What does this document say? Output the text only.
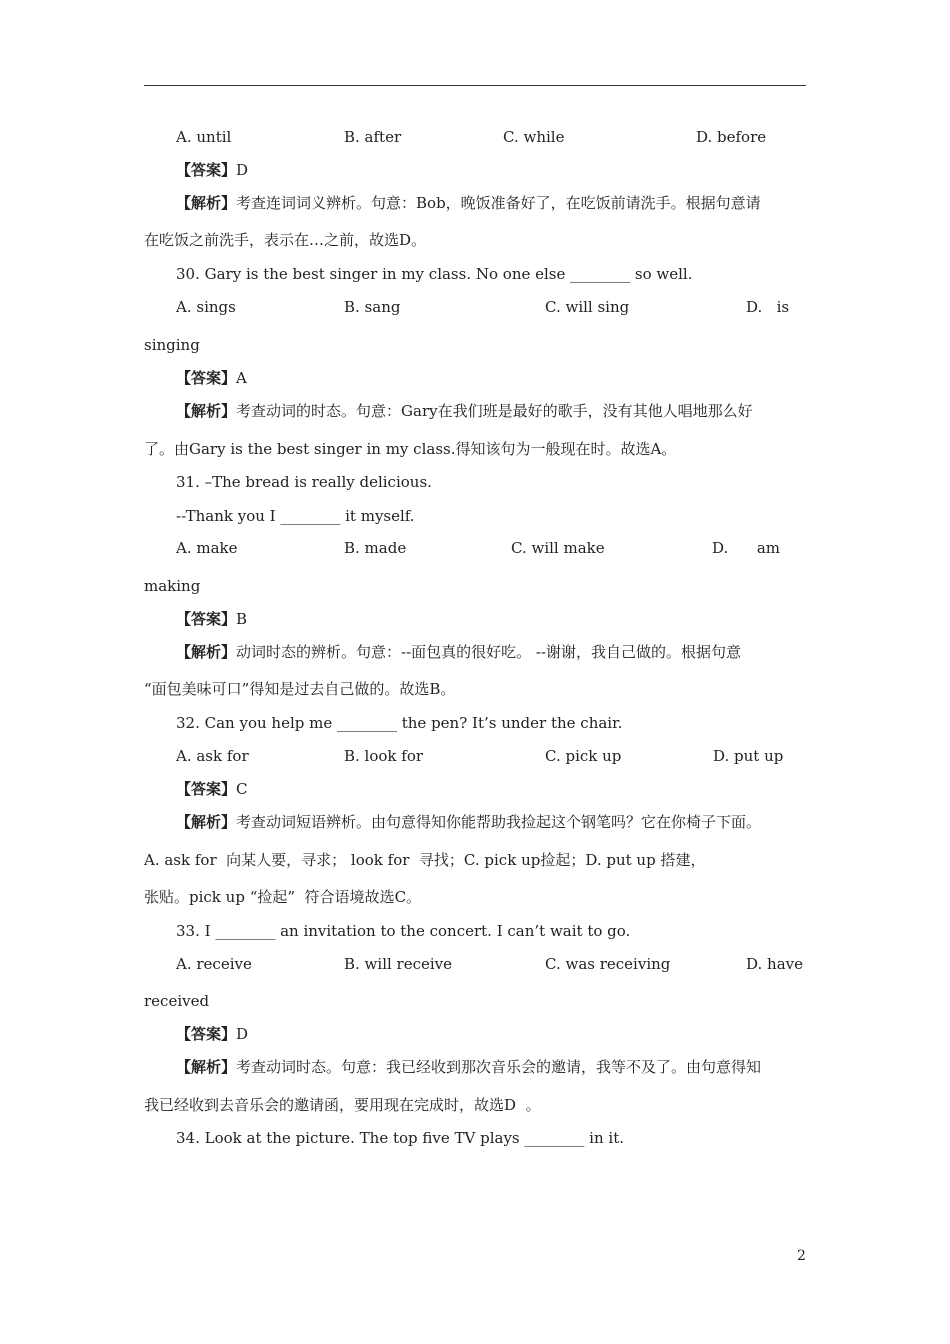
A. until	B. after	C. while	D. before
【答案】D
【解析】考查连词词义辨析。句意：Bob，晚饭准备好了，在吃饭前请洗手。根据句意请
在吃饭之前洗手，表示在…之前，故选D。
30. Gary is the best singer in my class. No one else ________ so well.
A. sings	B. sang	C. will sing	D.   is
singing
【答案】A
【解析】考查动词的时态。句意：Gary在我们班是最好的歌手，没有其他人唱地那么好
了。由Gary is the best singer in my class.得知该句为一般现在时。故选A。
31. –The bread is really delicious.
--Thank you I ________ it myself.
A. make	B. made	C. will make	D.      am
making
【答案】B
【解析】动词时态的辨析。句意：--面包真的很好吃。 --谢谢，我自己做的。根据句意
“面包美味可口”得知是过去自己做的。故选B。
32. Can you help me ________ the pen? It’s under the chair.
A. ask for	B. look for	C. pick up	D. put up
【答案】C
【解析】考查动词短语辨析。由句意得知你能帮助我捡起这个钢笔吗？它在你椅子下面。
A. ask for  向某人要，寻求； look for  寻找；C. pick up捡起；D. put up 搭建，
张贴。pick up “捡起”  符合语境故选C。
33. I ________ an invitation to the concert. I can’t wait to go.
A. receive	B. will receive	C. was receiving	D. have
received
【答案】D
【解析】考查动词时态。句意：我已经收到那次音乐会的邀请，我等不及了。由句意得知
我已经收到去音乐会的邀请函，要用现在完成时，故选D  。
34. Look at the picture. The top five TV plays ________ in it.
2
